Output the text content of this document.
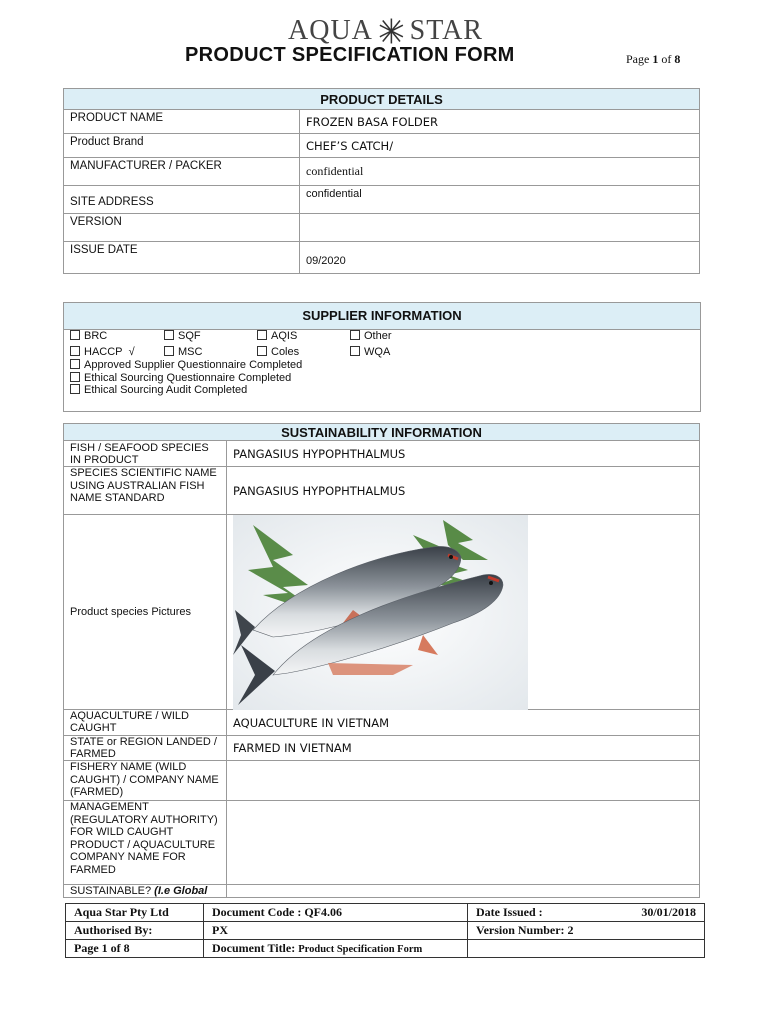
AQUA STAR
PRODUCT SPECIFICATION FORM	Page 1 of 8
PRODUCT DETAILS	
PRODUCT NAME	FROZEN BASA FOLDER
Product Brand	CHEF’S CATCH/
MANUFACTURER / PACKER	confidential
SITE ADDRESS	confidential
VERSION	
ISSUE DATE	09/2020
SUPPLIER INFORMATION
BRC	SQF	AQIS	Other
HACCP √	MSC	Coles	WQA
Approved Supplier Questionnaire Completed
Ethical Sourcing Questionnaire Completed
Ethical Sourcing Audit Completed
SUSTAINABILITY INFORMATION	
FISH / SEAFOOD SPECIES IN PRODUCT	PANGASIUS HYPOPHTHALMUS
SPECIES SCIENTIFIC NAME USING AUSTRALIAN FISH NAME STANDARD	PANGASIUS HYPOPHTHALMUS
Product species Pictures	

AQUACULTURE / WILD CAUGHT	AQUACULTURE IN VIETNAM
STATE or REGION LANDED / FARMED	FARMED IN VIETNAM
FISHERY NAME (WILD CAUGHT) / COMPANY NAME (FARMED)	
MANAGEMENT (REGULATORY AUTHORITY) FOR WILD CAUGHT PRODUCT / AQUACULTURE COMPANY NAME FOR FARMED	
SUSTAINABLE? (I.e Global	
Aqua Star Pty Ltd	Document Code : QF4.06	Date Issued : 30/01/2018

Authorised By:	PX	Version Number: 2
Page 1 of 8	Document Title: Product Specification Form	
